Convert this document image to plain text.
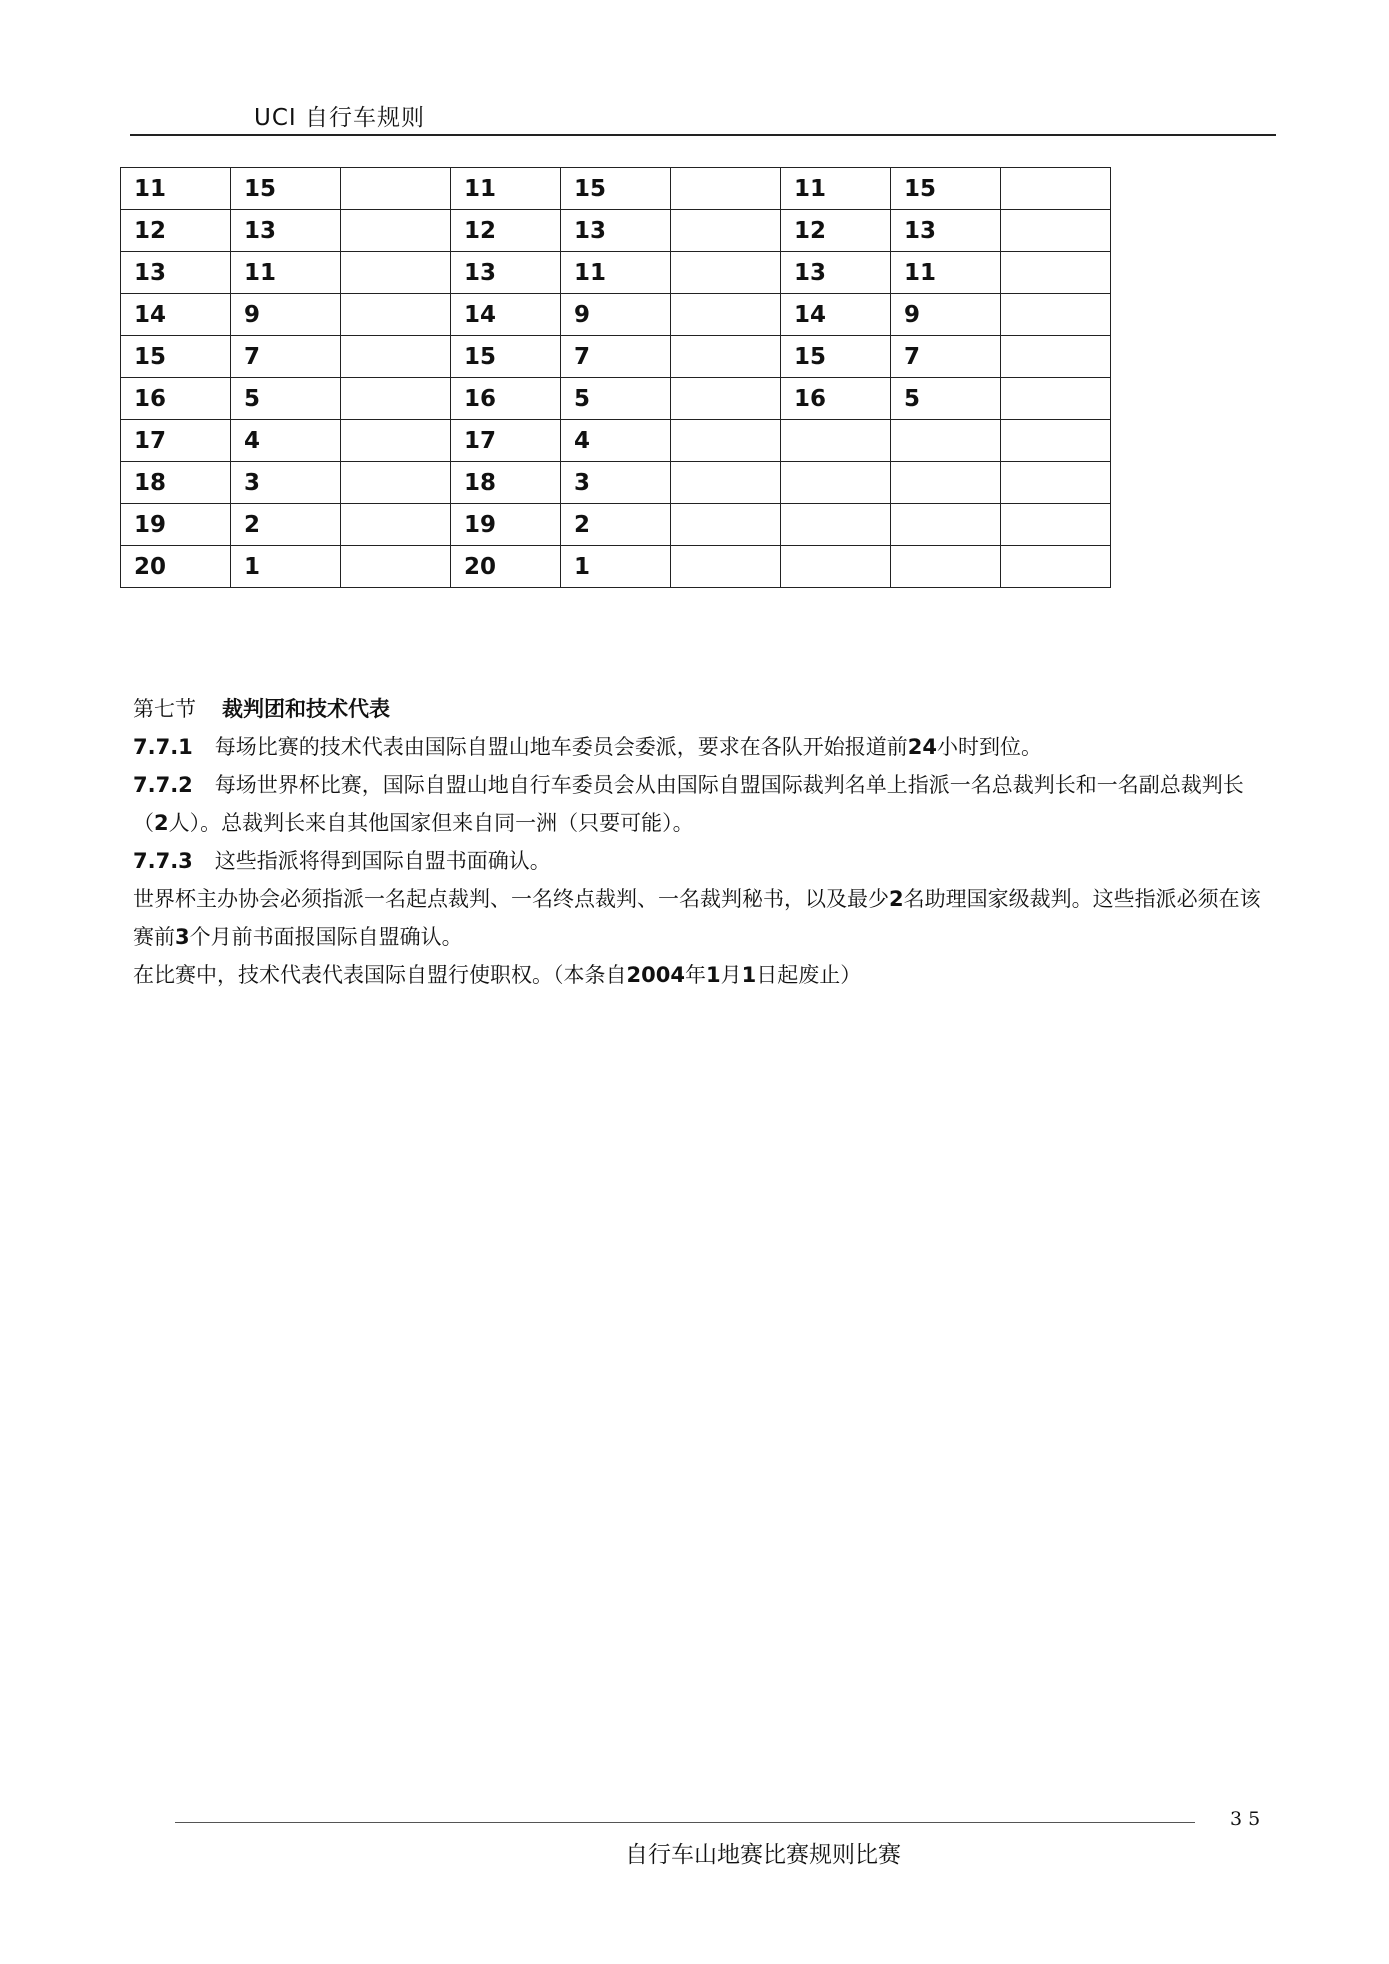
UCI 自行车规则
11	15		11	15		11	15	
12	13		12	13		12	13	
13	11		13	11		13	11	
14	9		14	9		14	9	
15	7		15	7		15	7	
16	5		16	5		16	5	
17	4		17	4				
18	3		18	3				
19	2		19	2				
20	1		20	1				

第七节 裁判团和技术代表

7.7.1 每场比赛的技术代表由国际自盟山地车委员会委派，要求在各队开始报道前24小时到位。

7.7.2 每场世界杯比赛，国际自盟山地自行车委员会从由国际自盟国际裁判名单上指派一名总裁判长和一名副总裁判长（2人）。总裁判长来自其他国家但来自同一洲（只要可能）。

7.7.3 这些指派将得到国际自盟书面确认。

世界杯主办协会必须指派一名起点裁判、一名终点裁判、一名裁判秘书，以及最少2名助理国家级裁判。这些指派必须在该赛前3个月前书面报国际自盟确认。

在比赛中，技术代表代表国际自盟行使职权。（本条自2004年1月1日起废止）

35
自行车山地赛比赛规则比赛
